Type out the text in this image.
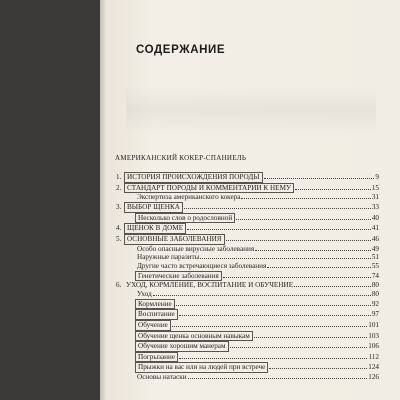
СОДЕРЖАНИЕ
АМЕРИКАНСКИЙ КОКЕР-СПАНИЕЛЬ
1. ИСТОРИЯ ПРОИСХОЖДЕНИЯ ПОРОДЫ	9
2. СТАНДАРТ ПОРОДЫ И КОММЕНТАРИИ К НЕМУ	15
Экспертиза американского кокера	31
3. ВЫБОР ЩЕНКА	33
Несколько слов о родословной	40
4. ЩЕНОК В ДОМЕ	41
5. ОСНОВНЫЕ ЗАБОЛЕВАНИЯ	46
Особо опасные вирусные заболевания	49
Наружные паразиты	51
Другие часто встречающиеся заболевания	55
Генетические заболевания	74
6. УХОД, КОРМЛЕНИЕ, ВОСПИТАНИЕ И ОБУЧЕНИЕ	80
Уход	80
Кормление	92
Воспитание	97
Обучение	101
Обучение щенка основным навыкам	103
Обучение хорошим манерам	106
Погрызание	112
Прыжки на вас или на людей при встрече	124
Основы натаски	126
